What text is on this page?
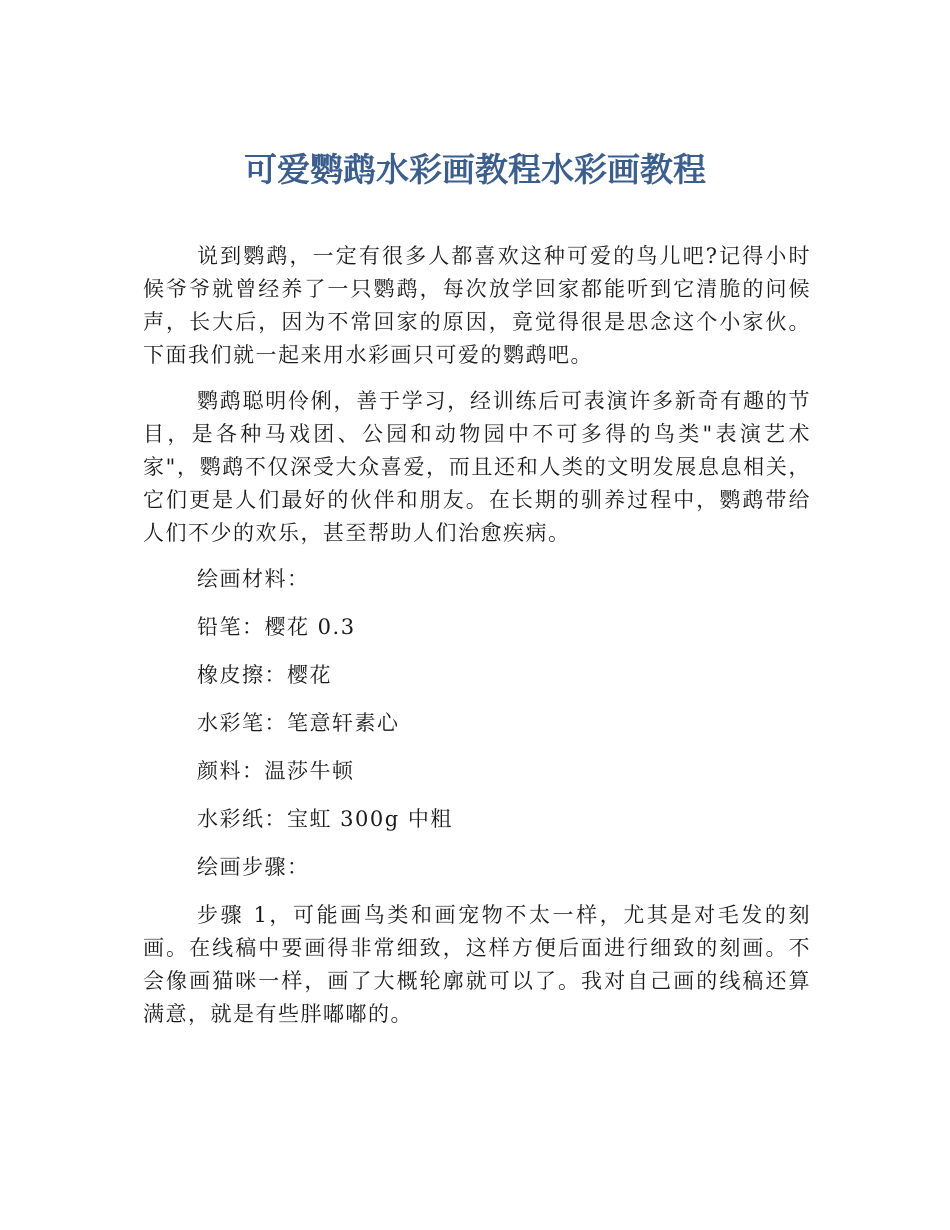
可爱鹦鹉水彩画教程水彩画教程

说到鹦鹉，一定有很多人都喜欢这种可爱的鸟儿吧?记得小时候爷爷就曾经养了一只鹦鹉，每次放学回家都能听到它清脆的问候声，长大后，因为不常回家的原因，竟觉得很是思念这个小家伙。下面我们就一起来用水彩画只可爱的鹦鹉吧。

鹦鹉聪明伶俐，善于学习，经训练后可表演许多新奇有趣的节目，是各种马戏团、公园和动物园中不可多得的鸟类"表演艺术家"，鹦鹉不仅深受大众喜爱，而且还和人类的文明发展息息相关，它们更是人们最好的伙伴和朋友。在长期的驯养过程中，鹦鹉带给人们不少的欢乐，甚至帮助人们治愈疾病。

绘画材料：

铅笔：樱花 0.3

橡皮擦：樱花

水彩笔：笔意轩素心

颜料：温莎牛顿

水彩纸：宝虹 300g 中粗

绘画步骤：

步骤 1，可能画鸟类和画宠物不太一样，尤其是对毛发的刻画。在线稿中要画得非常细致，这样方便后面进行细致的刻画。不会像画猫咪一样，画了大概轮廓就可以了。我对自己画的线稿还算满意，就是有些胖嘟嘟的。
